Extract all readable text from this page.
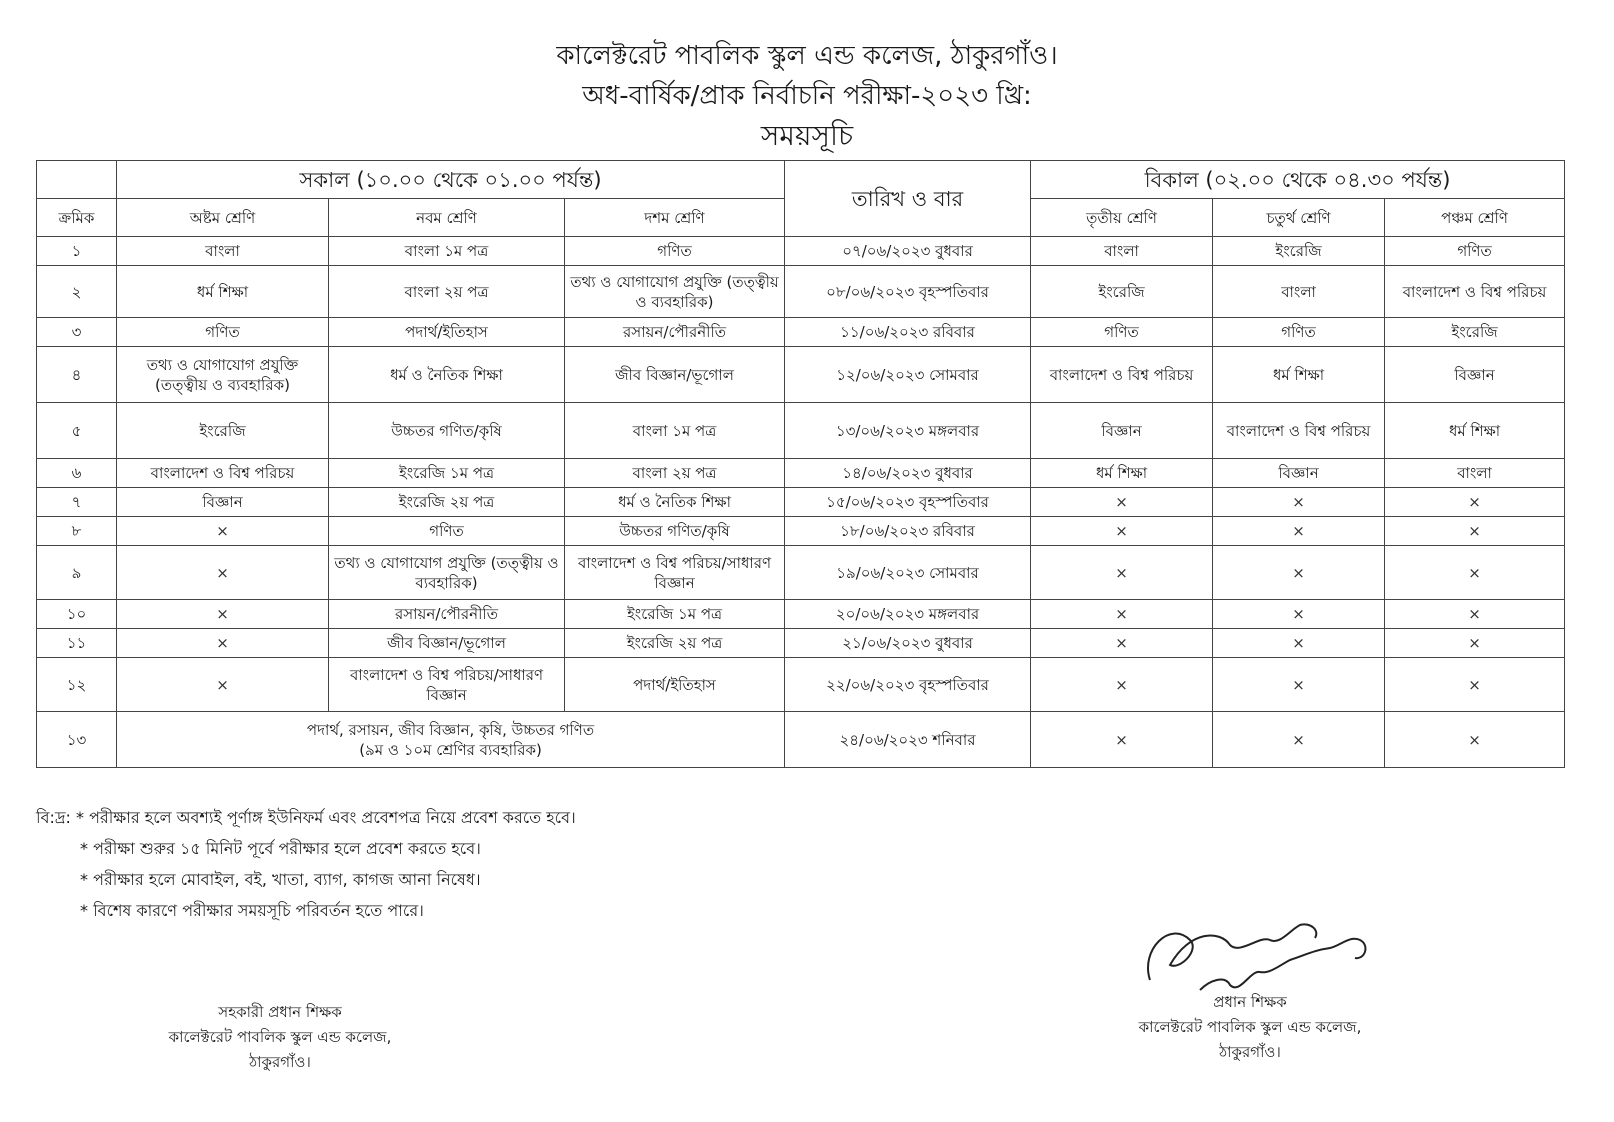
কালেক্টরেট পাবলিক স্কুল এন্ড কলেজ, ঠাকুরগাঁও।
অধ-বার্ষিক/প্রাক নির্বাচনি পরীক্ষা-২০২৩ খ্রি:
সময়সূচি
	সকাল (১০.০০ থেকে ০১.০০ পর্যন্ত)			তারিখ ও বার	বিকাল (০২.০০ থেকে ০৪.৩০ পর্যন্ত)		
ক্রমিক	অষ্টম শ্রেণি	নবম শ্রেণি	দশম শ্রেণি		তৃতীয় শ্রেণি	চতুর্থ শ্রেণি	পঞ্চম শ্রেণি
১	বাংলা	বাংলা ১ম পত্র	গণিত	০৭/০৬/২০২৩ বুধবার	বাংলা	ইংরেজি	গণিত
২	ধর্ম শিক্ষা	বাংলা ২য় পত্র	তথ্য ও যোগাযোগ প্রযুক্তি (তত্ত্বীয় ও ব্যবহারিক)	০৮/০৬/২০২৩ বৃহস্পতিবার	ইংরেজি	বাংলা	বাংলাদেশ ও বিশ্ব পরিচয়
৩	গণিত	পদার্থ/ইতিহাস	রসায়ন/পৌরনীতি	১১/০৬/২০২৩ রবিবার	গণিত	গণিত	ইংরেজি
৪	তথ্য ও যোগাযোগ প্রযুক্তি (তত্ত্বীয় ও ব্যবহারিক)	ধর্ম ও নৈতিক শিক্ষা	জীব বিজ্ঞান/ভূগোল	১২/০৬/২০২৩ সোমবার	বাংলাদেশ ও বিশ্ব পরিচয়	ধর্ম শিক্ষা	বিজ্ঞান
৫	ইংরেজি	উচ্চতর গণিত/কৃষি	বাংলা ১ম পত্র	১৩/০৬/২০২৩ মঙ্গলবার	বিজ্ঞান	বাংলাদেশ ও বিশ্ব পরিচয়	ধর্ম শিক্ষা
৬	বাংলাদেশ ও বিশ্ব পরিচয়	ইংরেজি ১ম পত্র	বাংলা ২য় পত্র	১৪/০৬/২০২৩ বুধবার	ধর্ম শিক্ষা	বিজ্ঞান	বাংলা
৭	বিজ্ঞান	ইংরেজি ২য় পত্র	ধর্ম ও নৈতিক শিক্ষা	১৫/০৬/২০২৩ বৃহস্পতিবার	×	×	×
৮	×	গণিত	উচ্চতর গণিত/কৃষি	১৮/০৬/২০২৩ রবিবার	×	×	×
৯	×	তথ্য ও যোগাযোগ প্রযুক্তি (তত্ত্বীয় ও ব্যবহারিক)	বাংলাদেশ ও বিশ্ব পরিচয়/সাধারণ বিজ্ঞান	১৯/০৬/২০২৩ সোমবার	×	×	×
১০	×	রসায়ন/পৌরনীতি	ইংরেজি ১ম পত্র	২০/০৬/২০২৩ মঙ্গলবার	×	×	×
১১	×	জীব বিজ্ঞান/ভূগোল	ইংরেজি ২য় পত্র	২১/০৬/২০২৩ বুধবার	×	×	×
১২	×	বাংলাদেশ ও বিশ্ব পরিচয়/সাধারণ বিজ্ঞান	পদার্থ/ইতিহাস	২২/০৬/২০২৩ বৃহস্পতিবার	×	×	×
১৩	পদার্থ, রসায়ন, জীব বিজ্ঞান, কৃষি, উচ্চতর গণিত
(৯ম ও ১০ম শ্রেণির ব্যবহারিক)			২৪/০৬/২০২৩ শনিবার	×	×	×
বি:দ্র: * পরীক্ষার হলে অবশ্যই পূর্ণাঙ্গ ইউনিফর্ম এবং প্রবেশপত্র নিয়ে প্রবেশ করতে হবে।
* পরীক্ষা শুরুর ১৫ মিনিট পূর্বে পরীক্ষার হলে প্রবেশ করতে হবে।
* পরীক্ষার হলে মোবাইল, বই, খাতা, ব্যাগ, কাগজ আনা নিষেধ।
* বিশেষ কারণে পরীক্ষার সময়সূচি পরিবর্তন হতে পারে।
সহকারী প্রধান শিক্ষক
কালেক্টরেট পাবলিক স্কুল এন্ড কলেজ,
ঠাকুরগাঁও।
প্রধান শিক্ষক
কালেক্টরেট পাবলিক স্কুল এন্ড কলেজ,
ঠাকুরগাঁও।
